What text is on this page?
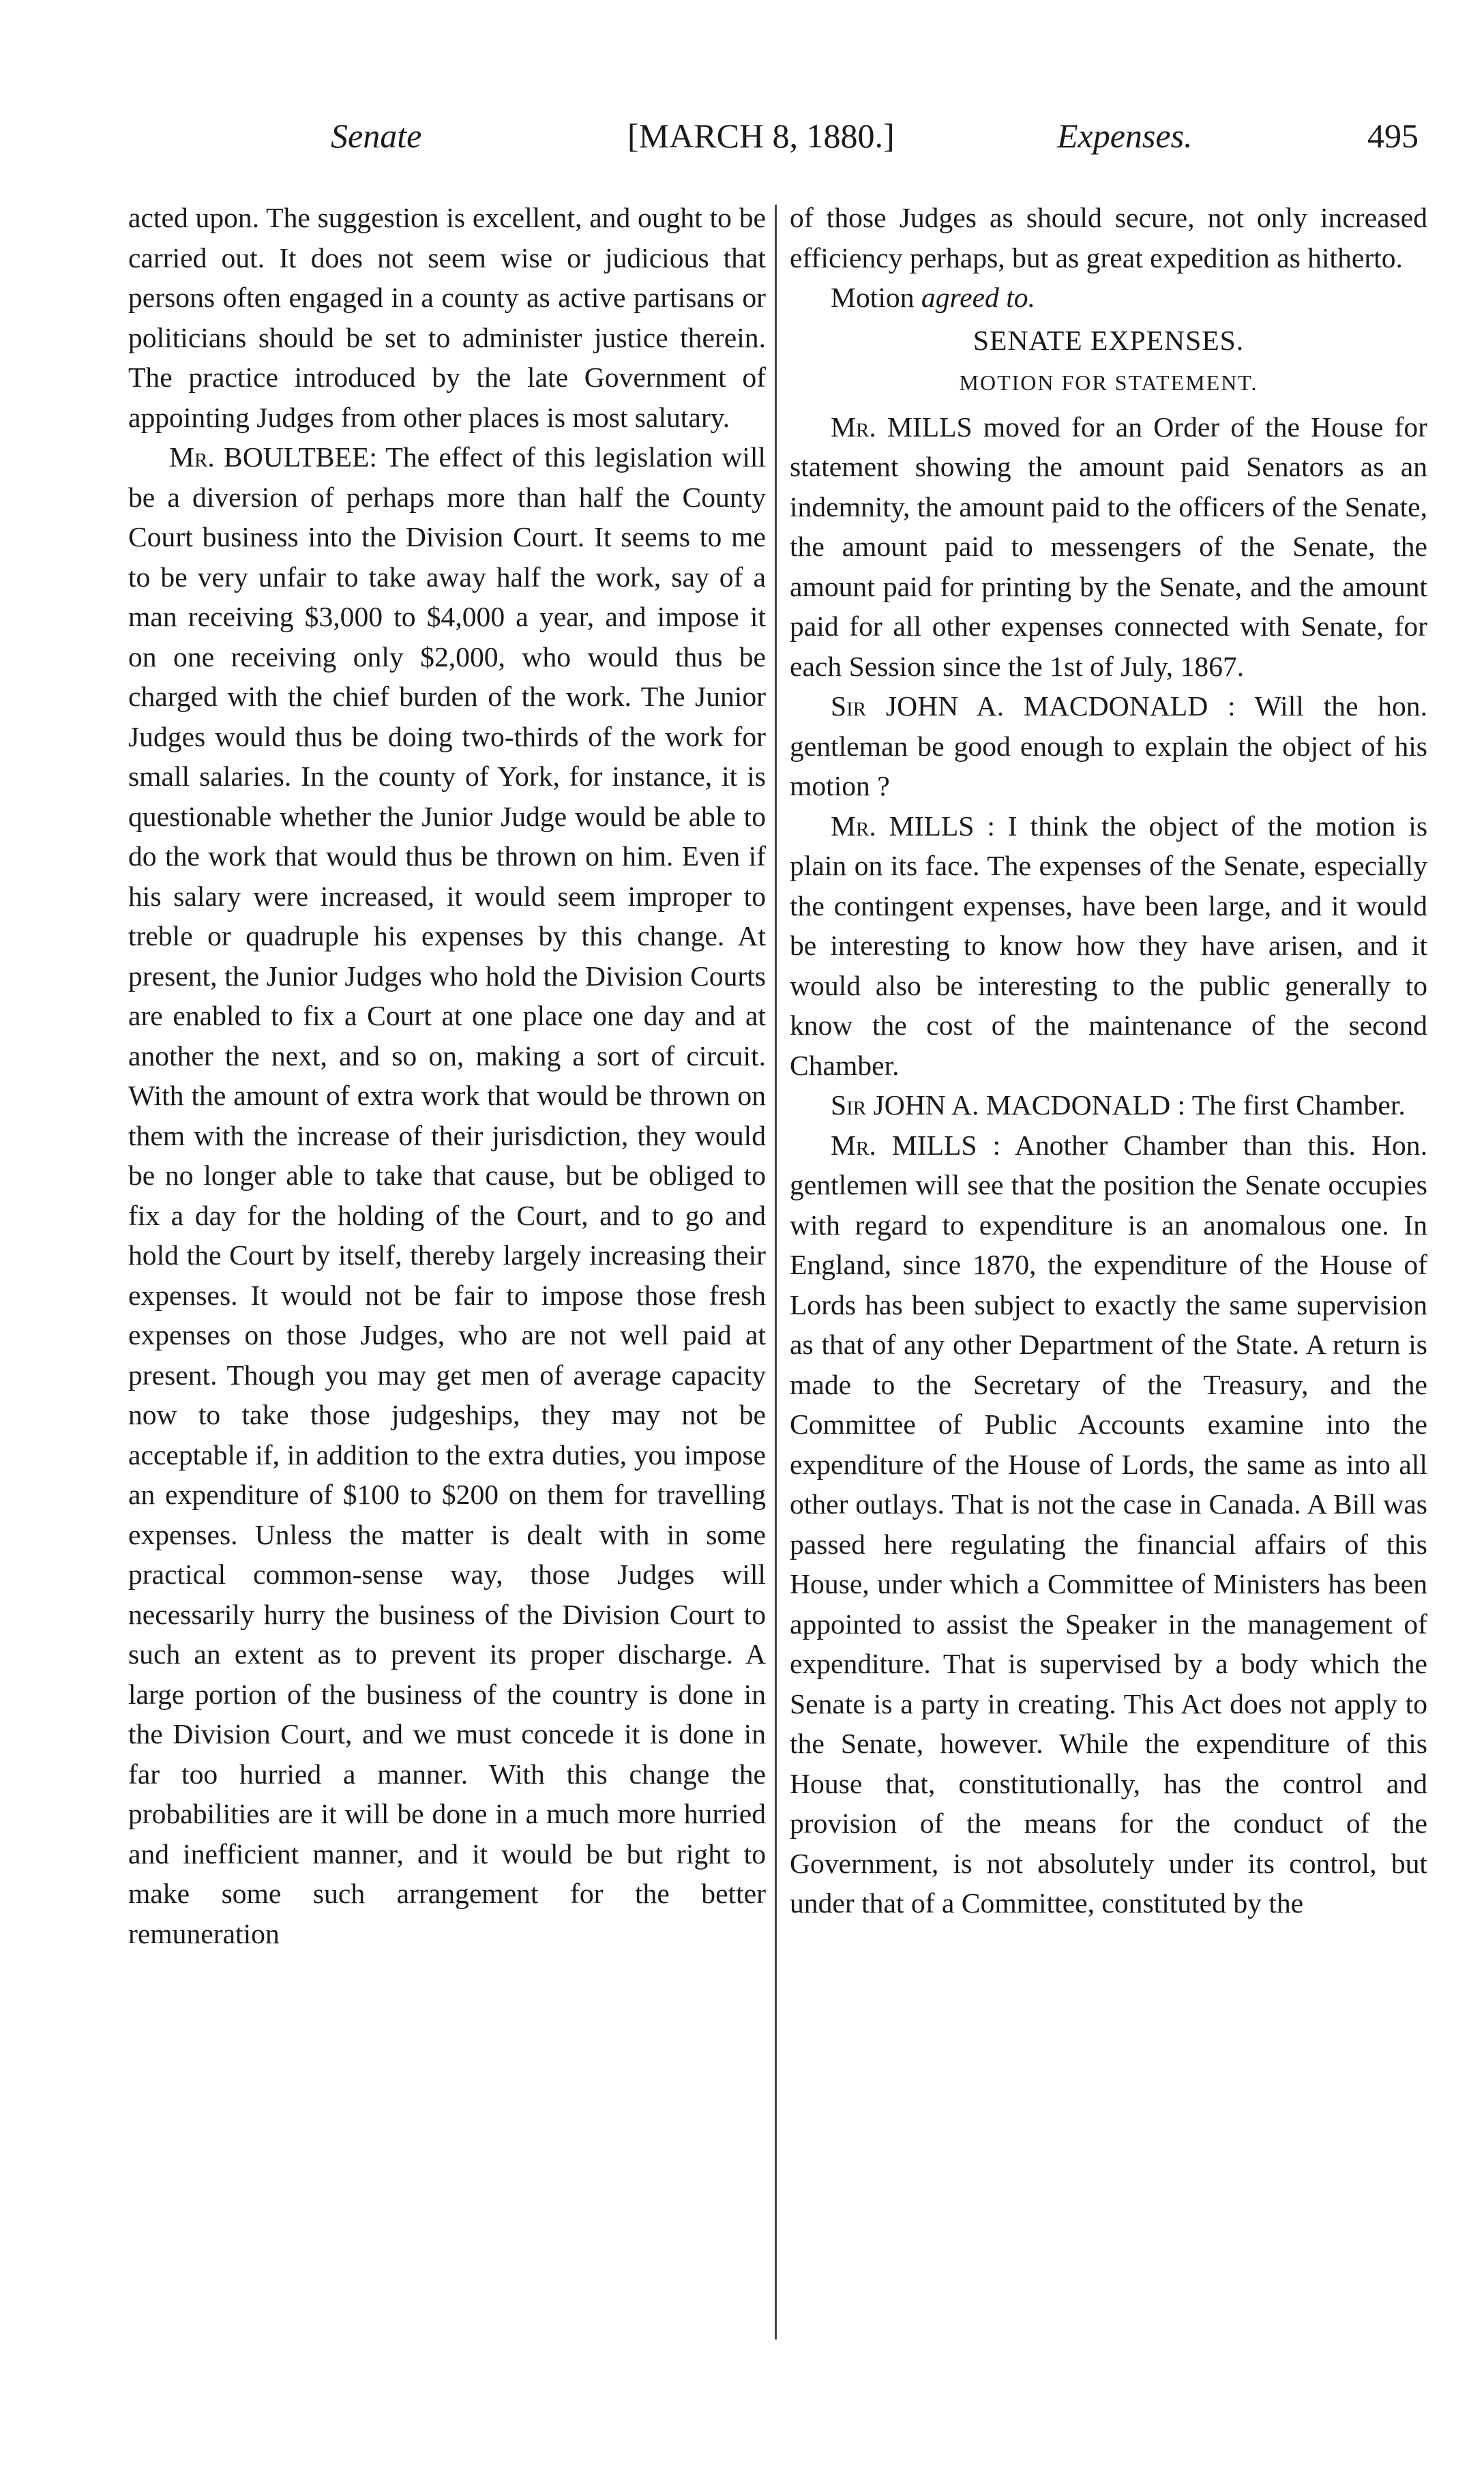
Senate	[MARCH 8, 1880.]	Expenses.	495

acted upon. The suggestion is excellent, and ought to be carried out. It does not seem wise or judicious that persons often engaged in a county as active partisans or politicians should be set to administer justice therein. The practice introduced by the late Government of appointing Judges from other places is most salutary.

Mr. BOULTBEE: The effect of this legislation will be a diversion of perhaps more than half the County Court business into the Division Court. It seems to me to be very unfair to take away half the work, say of a man receiving $3,000 to $4,000 a year, and impose it on one receiving only $2,000, who would thus be charged with the chief burden of the work. The Junior Judges would thus be doing two-thirds of the work for small salaries. In the county of York, for instance, it is questionable whether the Junior Judge would be able to do the work that would thus be thrown on him. Even if his salary were increased, it would seem improper to treble or quadruple his expenses by this change. At present, the Junior Judges who hold the Division Courts are enabled to fix a Court at one place one day and at another the next, and so on, making a sort of circuit. With the amount of extra work that would be thrown on them with the increase of their jurisdiction, they would be no longer able to take that cause, but be obliged to fix a day for the holding of the Court, and to go and hold the Court by itself, thereby largely increasing their expenses. It would not be fair to impose those fresh expenses on those Judges, who are not well paid at present. Though you may get men of average capacity now to take those judgeships, they may not be acceptable if, in addition to the extra duties, you impose an expenditure of $100 to $200 on them for travelling expenses. Unless the matter is dealt with in some practical common-sense way, those Judges will necessarily hurry the business of the Division Court to such an extent as to prevent its proper discharge. A large portion of the business of the country is done in the Division Court, and we must concede it is done in far too hurried a manner. With this change the probabilities are it will be done in a much more hurried and inefficient manner, and it would be but right to make some such arrangement for the better remuneration

of those Judges as should secure, not only increased efficiency perhaps, but as great expedition as hitherto.

Motion agreed to.

SENATE EXPENSES.
MOTION FOR STATEMENT.

Mr. MILLS moved for an Order of the House for statement showing the amount paid Senators as an indemnity, the amount paid to the officers of the Senate, the amount paid to messengers of the Senate, the amount paid for printing by the Senate, and the amount paid for all other expenses connected with Senate, for each Session since the 1st of July, 1867.

Sir JOHN A. MACDONALD : Will the hon. gentleman be good enough to explain the object of his motion ?

Mr. MILLS : I think the object of the motion is plain on its face. The expenses of the Senate, especially the contingent expenses, have been large, and it would be interesting to know how they have arisen, and it would also be interesting to the public generally to know the cost of the maintenance of the second Chamber.

Sir JOHN A. MACDONALD : The first Chamber.

Mr. MILLS : Another Chamber than this. Hon. gentlemen will see that the position the Senate occupies with regard to expenditure is an anomalous one. In England, since 1870, the expenditure of the House of Lords has been subject to exactly the same supervision as that of any other Department of the State. A return is made to the Secretary of the Treasury, and the Committee of Public Accounts examine into the expenditure of the House of Lords, the same as into all other outlays. That is not the case in Canada. A Bill was passed here regulating the financial affairs of this House, under which a Committee of Ministers has been appointed to assist the Speaker in the management of expenditure. That is supervised by a body which the Senate is a party in creating. This Act does not apply to the Senate, however. While the expenditure of this House that, constitutionally, has the control and provision of the means for the conduct of the Government, is not absolutely under its control, but under that of a Committee, constituted by the
